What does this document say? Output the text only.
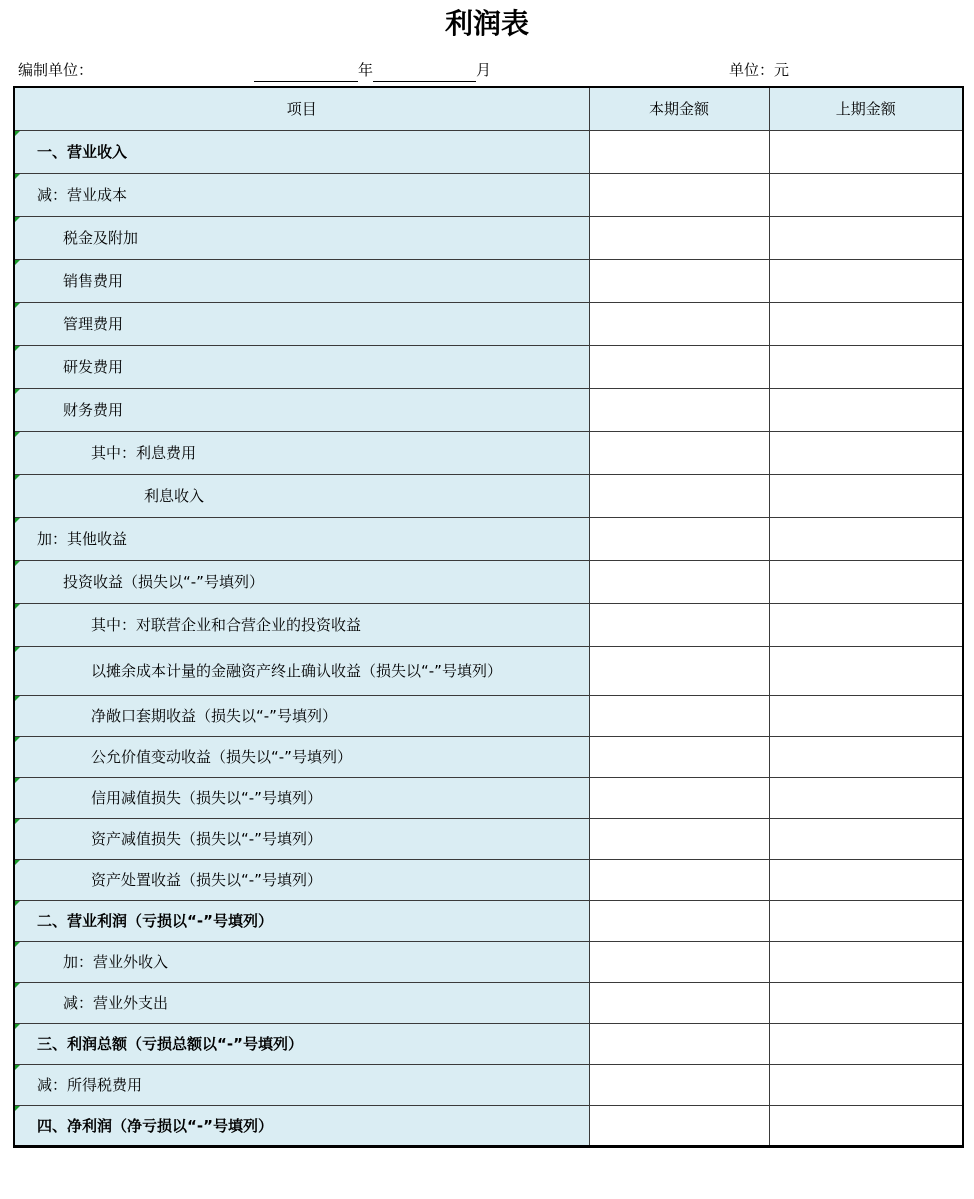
利润表
编制单位：	年	月	单位：元
项目	本期金额	上期金额
一、营业收入		
减：营业成本		
税金及附加		
销售费用		
管理费用		
研发费用		
财务费用		
其中：利息费用		
利息收入		
加：其他收益		
投资收益（损失以“-”号填列）		
其中：对联营企业和合营企业的投资收益		
以摊余成本计量的金融资产终止确认收益（损失以“-”号填列）		
净敞口套期收益（损失以“-”号填列）		
公允价值变动收益（损失以“-”号填列）		
信用减值损失（损失以“-”号填列）		
资产减值损失（损失以“-”号填列）		
资产处置收益（损失以“-”号填列）		
二、营业利润（亏损以“-”号填列）		
加：营业外收入		
减：营业外支出		
三、利润总额（亏损总额以“-”号填列）		
减：所得税费用		
四、净利润（净亏损以“-”号填列）		
